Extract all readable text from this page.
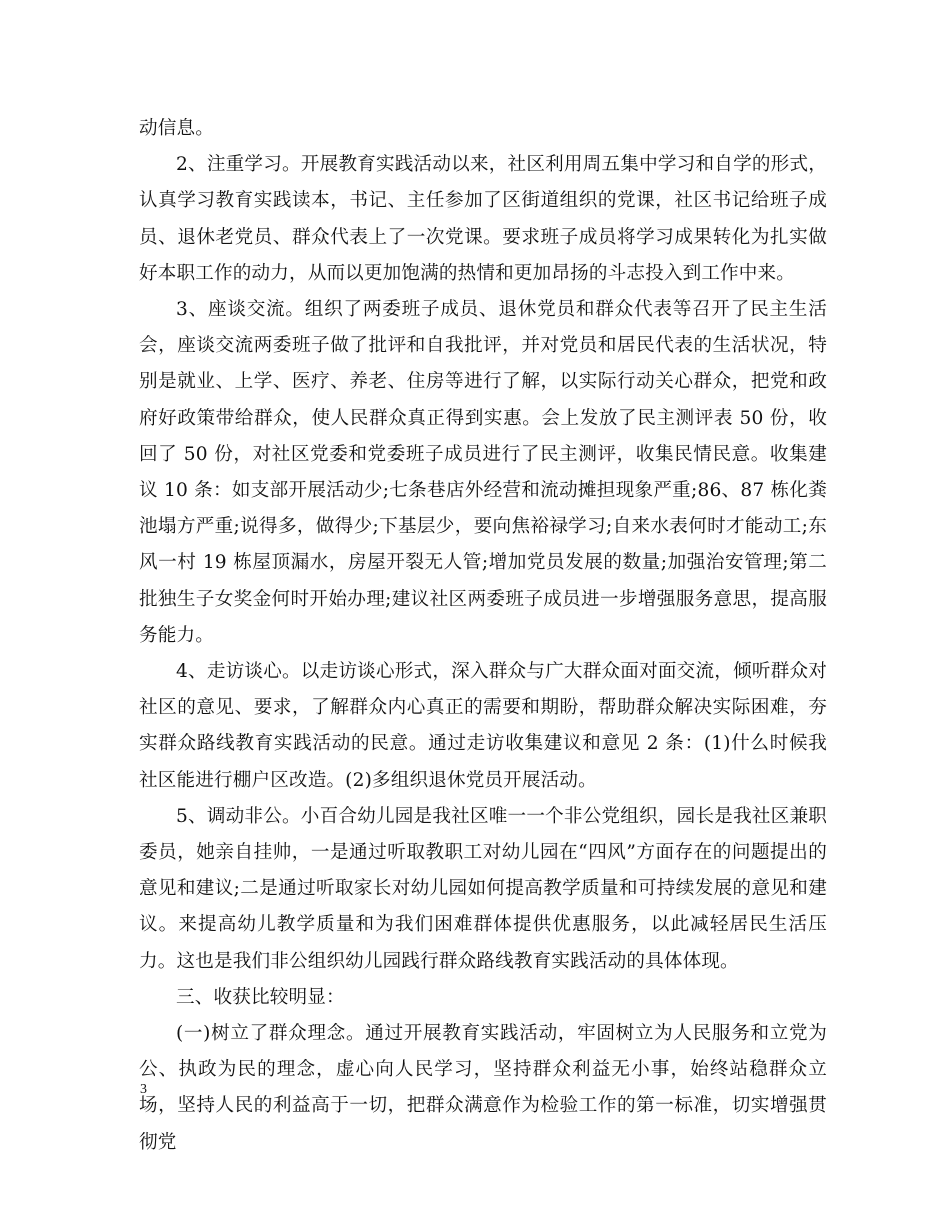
动信息。

2、注重学习。开展教育实践活动以来，社区利用周五集中学习和自学的形式，认真学习教育实践读本，书记、主任参加了区街道组织的党课，社区书记给班子成员、退休老党员、群众代表上了一次党课。要求班子成员将学习成果转化为扎实做好本职工作的动力，从而以更加饱满的热情和更加昂扬的斗志投入到工作中来。

3、座谈交流。组织了两委班子成员、退休党员和群众代表等召开了民主生活会，座谈交流两委班子做了批评和自我批评，并对党员和居民代表的生活状况，特别是就业、上学、医疗、养老、住房等进行了解，以实际行动关心群众，把党和政府好政策带给群众，使人民群众真正得到实惠。会上发放了民主测评表 50 份，收回了 50 份，对社区党委和党委班子成员进行了民主测评，收集民情民意。收集建议 10 条：如支部开展活动少;七条巷店外经营和流动摊担现象严重;86、87 栋化粪池塌方严重;说得多，做得少;下基层少，要向焦裕禄学习;自来水表何时才能动工;东风一村 19 栋屋顶漏水，房屋开裂无人管;增加党员发展的数量;加强治安管理;第二批独生子女奖金何时开始办理;建议社区两委班子成员进一步增强服务意思，提高服务能力。

4、走访谈心。以走访谈心形式，深入群众与广大群众面对面交流，倾听群众对社区的意见、要求，了解群众内心真正的需要和期盼，帮助群众解决实际困难，夯实群众路线教育实践活动的民意。通过走访收集建议和意见 2 条：(1)什么时候我社区能进行棚户区改造。(2)多组织退休党员开展活动。

5、调动非公。小百合幼儿园是我社区唯一一个非公党组织，园长是我社区兼职委员，她亲自挂帅，一是通过听取教职工对幼儿园在“四风”方面存在的问题提出的意见和建议;二是通过听取家长对幼儿园如何提高教学质量和可持续发展的意见和建议。来提高幼儿教学质量和为我们困难群体提供优惠服务，以此减轻居民生活压力。这也是我们非公组织幼儿园践行群众路线教育实践活动的具体体现。

三、收获比较明显：

(一)树立了群众理念。通过开展教育实践活动，牢固树立为人民服务和立党为公、执政为民的理念，虚心向人民学习，坚持群众利益无小事，始终站稳群众立场，坚持人民的利益高于一切，把群众满意作为检验工作的第一标准，切实增强贯彻党

3
